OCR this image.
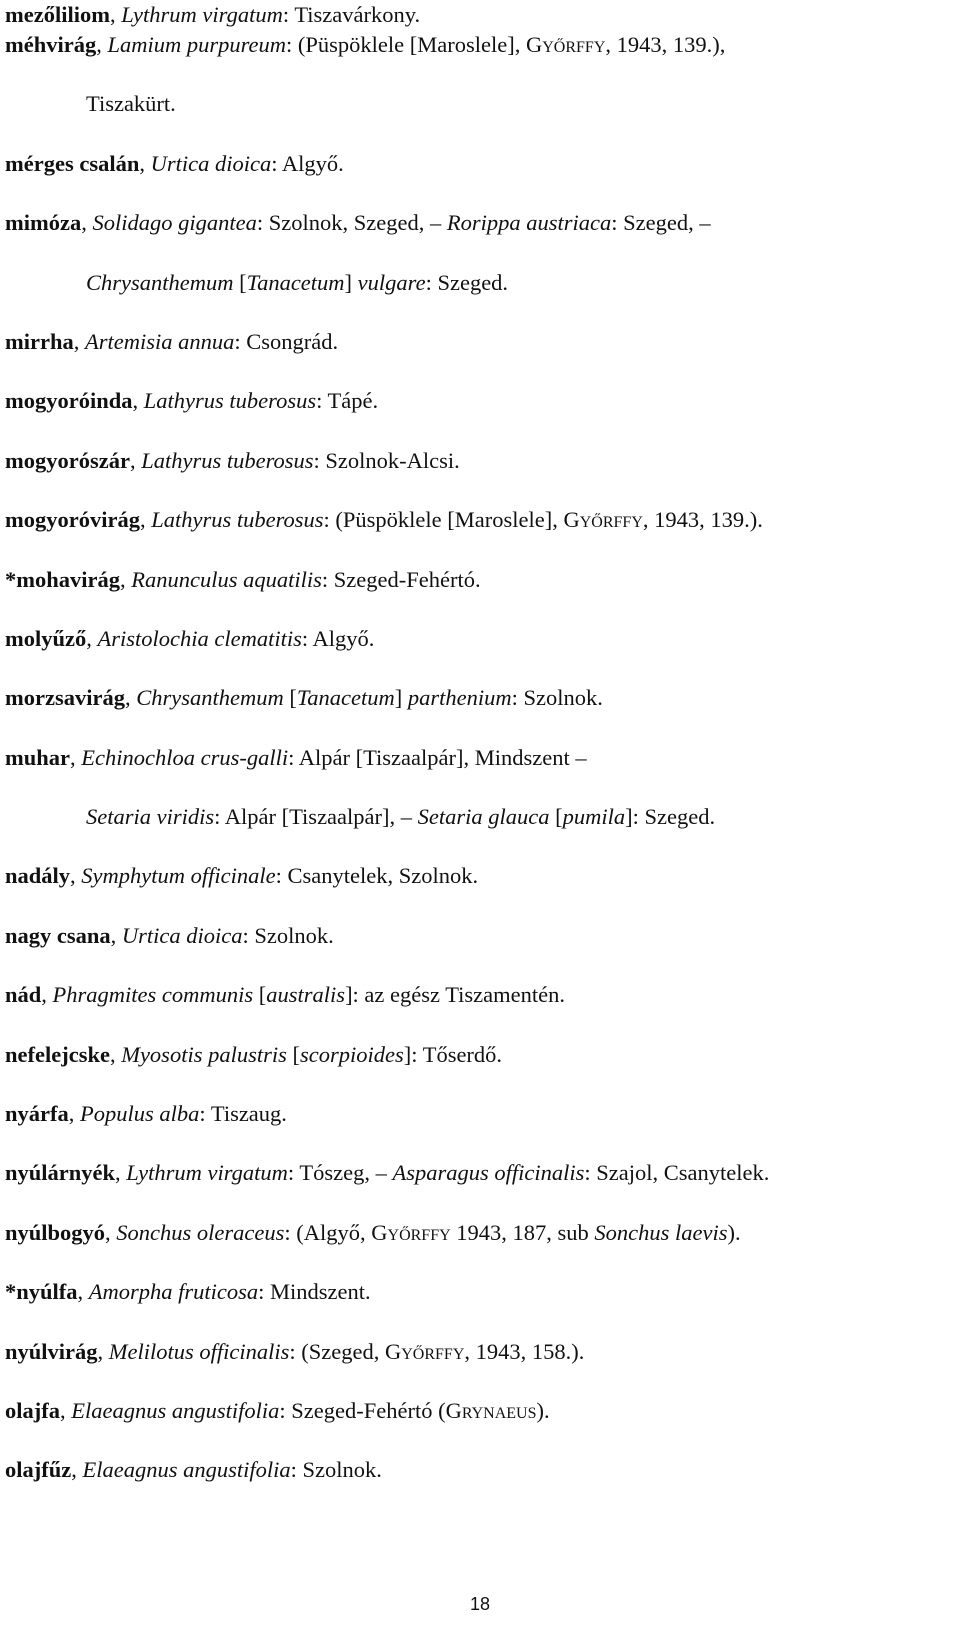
mezőliliom, Lythrum virgatum: Tiszavárkony.
méhvirág, Lamium purpureum: (Püspöklele [Maroslele], Győrffy, 1943, 139.),
Tiszakürt.
mérges csalán, Urtica dioica: Algyő.
mimóza, Solidago gigantea: Szolnok, Szeged, – Rorippa austriaca: Szeged, –
Chrysanthemum [Tanacetum] vulgare: Szeged.
mirrha, Artemisia annua: Csongrád.
mogyoróinda, Lathyrus tuberosus: Tápé.
mogyorószár, Lathyrus tuberosus: Szolnok-Alcsi.
mogyoróvirág, Lathyrus tuberosus: (Püspöklele [Maroslele], Győrffy, 1943, 139.).
*mohavirág, Ranunculus aquatilis: Szeged-Fehértó.
molyűző, Aristolochia clematitis: Algyő.
morzsavirág, Chrysanthemum [Tanacetum] parthenium: Szolnok.
muhar, Echinochloa crus-galli: Alpár [Tiszaalpár], Mindszent –
Setaria viridis: Alpár [Tiszaalpár], – Setaria glauca [pumila]: Szeged.
nadály, Symphytum officinale: Csanytelek, Szolnok.
nagy csana, Urtica dioica: Szolnok.
nád, Phragmites communis [australis]: az egész Tiszamentén.
nefelejcske, Myosotis palustris [scorpioides]: Tőserdő.
nyárfa, Populus alba: Tiszaug.
nyúlárnyék, Lythrum virgatum: Tószeg, – Asparagus officinalis: Szajol, Csanytelek.
nyúlbogyó, Sonchus oleraceus: (Algyő, Győrffy 1943, 187, sub Sonchus laevis).
*nyúlfa, Amorpha fruticosa: Mindszent.
nyúlvirág, Melilotus officinalis: (Szeged, Győrffy, 1943, 158.).
olajfa, Elaeagnus angustifolia: Szeged-Fehértó (Grynaeus).
olajfűz, Elaeagnus angustifolia: Szolnok.
18
